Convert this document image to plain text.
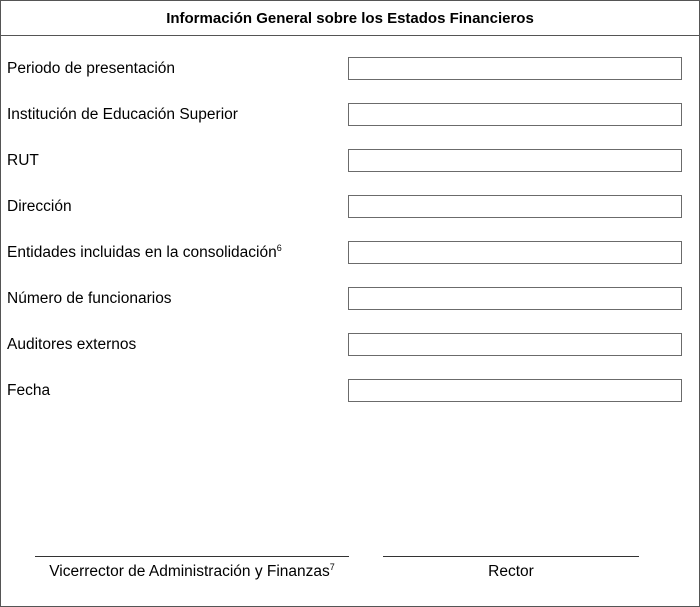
Información General sobre los Estados Financieros
Periodo de presentación
Institución de Educación Superior
RUT
Dirección
Entidades incluidas en la consolidación$^6$
Número de funcionarios
Auditores externos
Fecha
Vicerrector de Administración y Finanzas$^7$	Rector
